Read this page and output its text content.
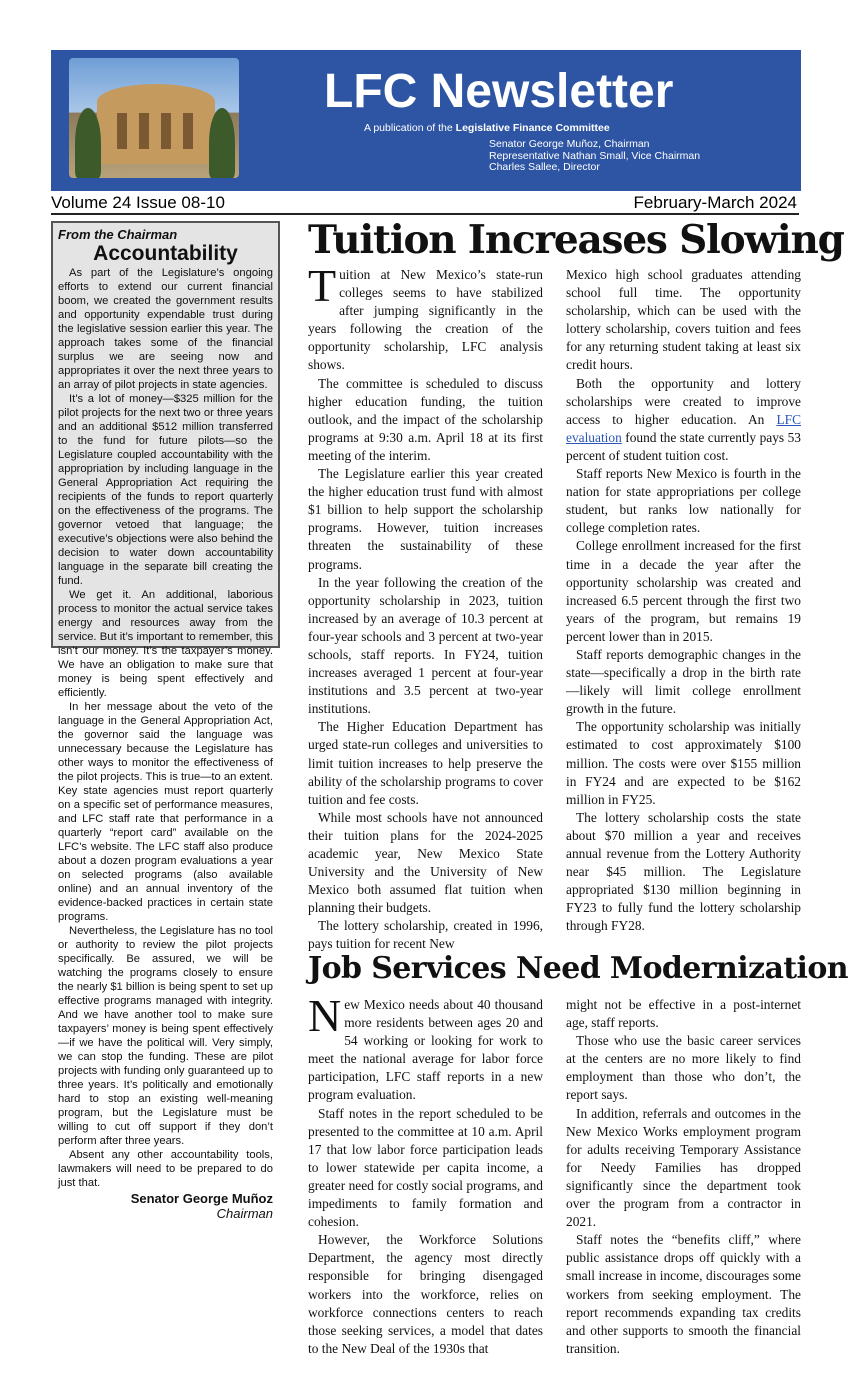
LFC Newsletter
A publication of the Legislative Finance Committee
Senator George Muñoz, Chairman
Representative Nathan Small, Vice Chairman
Charles Sallee, Director
Volume 24 Issue 08-10	February-March 2024
From the Chairman
Accountability

As part of the Legislature’s ongoing efforts to extend our current financial boom, we created the government results and opportunity expendable trust during the legislative session earlier this year. The approach takes some of the financial surplus we are seeing now and appropriates it over the next three years to an array of pilot projects in state agencies.

It’s a lot of money—$325 million for the pilot projects for the next two or three years and an additional $512 million transferred to the fund for future pilots—so the Legislature coupled accountability with the appropriation by including language in the General Appropriation Act requiring the recipients of the funds to report quarterly on the effectiveness of the programs. The governor vetoed that language; the executive’s objections were also behind the decision to water down accountability language in the separate bill creating the fund.

We get it. An additional, laborious process to monitor the actual service takes energy and resources away from the service. But it’s important to remember, this isn’t our money. It’s the taxpayer’s money. We have an obligation to make sure that money is being spent effectively and efficiently.

In her message about the veto of the language in the General Appropriation Act, the governor said the language was unnecessary because the Legislature has other ways to monitor the effectiveness of the pilot projects. This is true—to an extent. Key state agencies must report quarterly on a specific set of performance measures, and LFC staff rate that performance in a quarterly “report card” available on the LFC’s website. The LFC staff also produce about a dozen program evaluations a year on selected programs (also available online) and an annual inventory of the evidence-backed practices in certain state programs.

Nevertheless, the Legislature has no tool or authority to review the pilot projects specifically. Be assured, we will be watching the programs closely to ensure the nearly $1 billion is being spent to set up effective programs managed with integrity. And we have another tool to make sure taxpayers’ money is being spent effectively—if we have the political will. Very simply, we can stop the funding. These are pilot projects with funding only guaranteed up to three years. It’s politically and emotionally hard to stop an existing well-meaning program, but the Legislature must be willing to cut off support if they don’t perform after three years.

Absent any other accountability tools, lawmakers will need to be prepared to do just that.

Senator George Muñoz
Chairman
Tuition Increases Slowing

Tuition at New Mexico’s state-run colleges seems to have stabilized after jumping significantly in the years following the creation of the opportunity scholarship, LFC analysis shows.

The committee is scheduled to discuss higher education funding, the tuition outlook, and the impact of the scholarship programs at 9:30 a.m. April 18 at its first meeting of the interim.

The Legislature earlier this year created the higher education trust fund with almost $1 billion to help support the scholarship programs. However, tuition increases threaten the sustainability of these programs.

In the year following the creation of the opportunity scholarship in 2023, tuition increased by an average of 10.3 percent at four-year schools and 3 percent at two-year schools, staff reports. In FY24, tuition increases averaged 1 percent at four-year institutions and 3.5 percent at two-year institutions.

The Higher Education Department has urged state-run colleges and universities to limit tuition increases to help preserve the ability of the scholarship programs to cover tuition and fee costs.

While most schools have not announced their tuition plans for the 2024-2025 academic year, New Mexico State University and the University of New Mexico both assumed flat tuition when planning their budgets.

The lottery scholarship, created in 1996, pays tuition for recent New

Mexico high school graduates attending school full time. The opportunity scholarship, which can be used with the lottery scholarship, covers tuition and fees for any returning student taking at least six credit hours.

Both the opportunity and lottery scholarships were created to improve access to higher education. An LFC evaluation found the state currently pays 53 percent of student tuition cost.

Staff reports New Mexico is fourth in the nation for state appropriations per college student, but ranks low nationally for college completion rates.

College enrollment increased for the first time in a decade the year after the opportunity scholarship was created and increased 6.5 percent through the first two years of the program, but remains 19 percent lower than in 2015.

Staff reports demographic changes in the state—specifically a drop in the birth rate—likely will limit college enrollment growth in the future.

The opportunity scholarship was initially estimated to cost approximately $100 million. The costs were over $155 million in FY24 and are expected to be $162 million in FY25.

The lottery scholarship costs the state about $70 million a year and receives annual revenue from the Lottery Authority near $45 million. The Legislature appropriated $130 million beginning in FY23 to fully fund the lottery scholarship through FY28.

Job Services Need Modernization

New Mexico needs about 40 thousand more residents between ages 20 and 54 working or looking for work to meet the national average for labor force participation, LFC staff reports in a new program evaluation.

Staff notes in the report scheduled to be presented to the committee at 10 a.m. April 17 that low labor force participation leads to lower statewide per capita income, a greater need for costly social programs, and impediments to family formation and cohesion.

However, the Workforce Solutions Department, the agency most directly responsible for bringing disengaged workers into the workforce, relies on workforce connections centers to reach those seeking services, a model that dates to the New Deal of the 1930s that

might not be effective in a post-internet age, staff reports.

Those who use the basic career services at the centers are no more likely to find employment than those who don’t, the report says.

In addition, referrals and outcomes in the New Mexico Works employment program for adults receiving Temporary Assistance for Needy Families has dropped significantly since the department took over the program from a contractor in 2021.

Staff notes the “benefits cliff,” where public assistance drops off quickly with a small increase in income, discourages some workers from seeking employment. The report recommends expanding tax credits and other supports to smooth the financial transition.
